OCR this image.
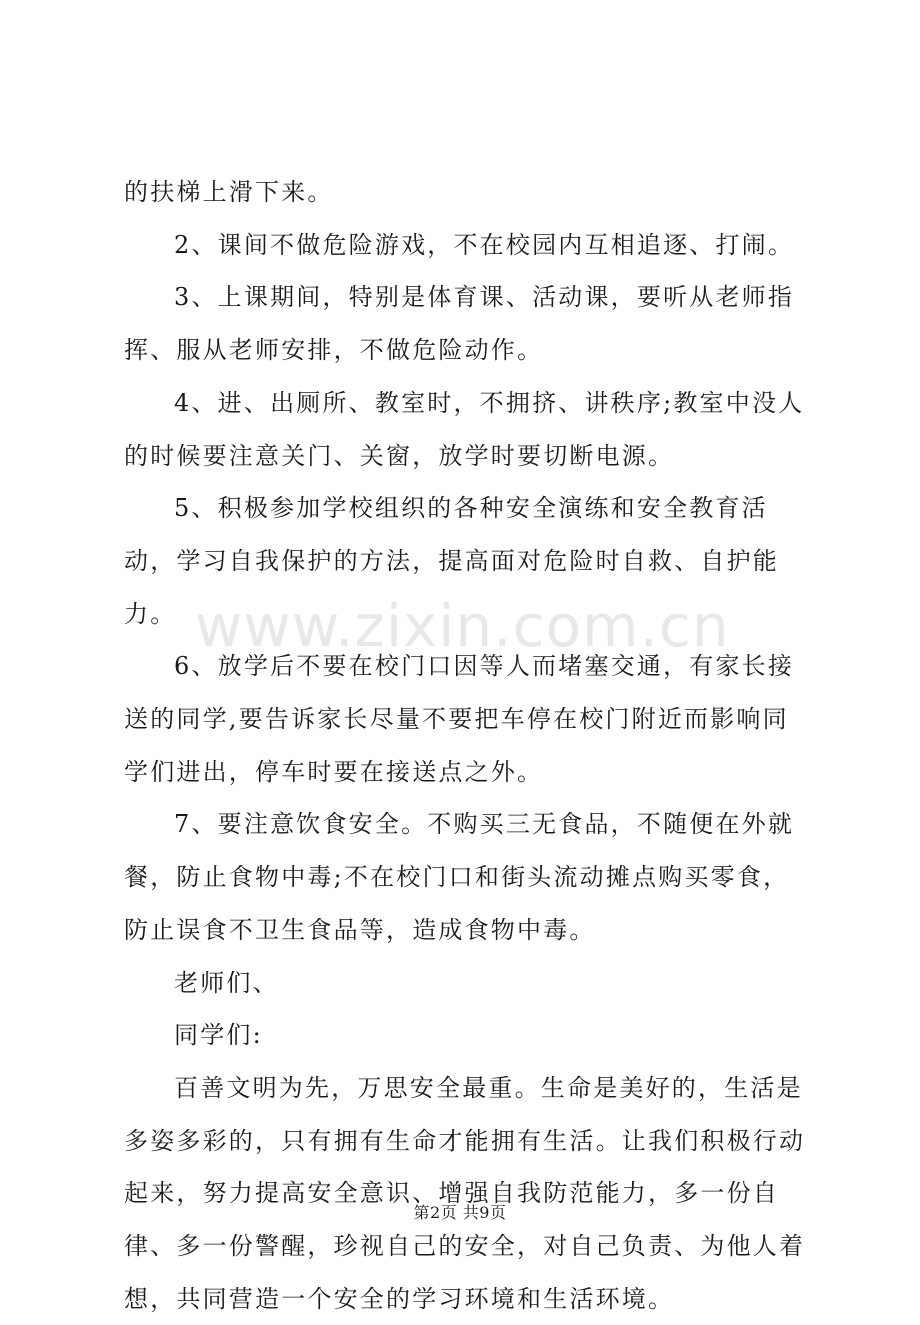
的扶梯上滑下来。

2、课间不做危险游戏，不在校园内互相追逐、打闹。

3、上课期间，特别是体育课、活动课，要听从老师指挥、服从老师安排，不做危险动作。

4、进、出厕所、教室时，不拥挤、讲秩序;教室中没人的时候要注意关门、关窗，放学时要切断电源。

5、积极参加学校组织的各种安全演练和安全教育活动，学习自我保护的方法，提高面对危险时自救、自护能力。

6、放学后不要在校门口因等人而堵塞交通，有家长接送的同学,要告诉家长尽量不要把车停在校门附近而影响同学们进出，停车时要在接送点之外。

7、要注意饮食安全。不购买三无食品，不随便在外就餐，防止食物中毒;不在校门口和街头流动摊点购买零食，防止误食不卫生食品等，造成食物中毒。

老师们、

同学们:

百善文明为先，万思安全最重。生命是美好的，生活是多姿多彩的，只有拥有生命才能拥有生活。让我们积极行动起来，努力提高安全意识、增强自我防范能力，多一份自律、多一份警醒，珍视自己的安全，对自己负责、为他人着想，共同营造一个安全的学习环境和生活环境。

www.zixin.com.cn
第2页 共9页
